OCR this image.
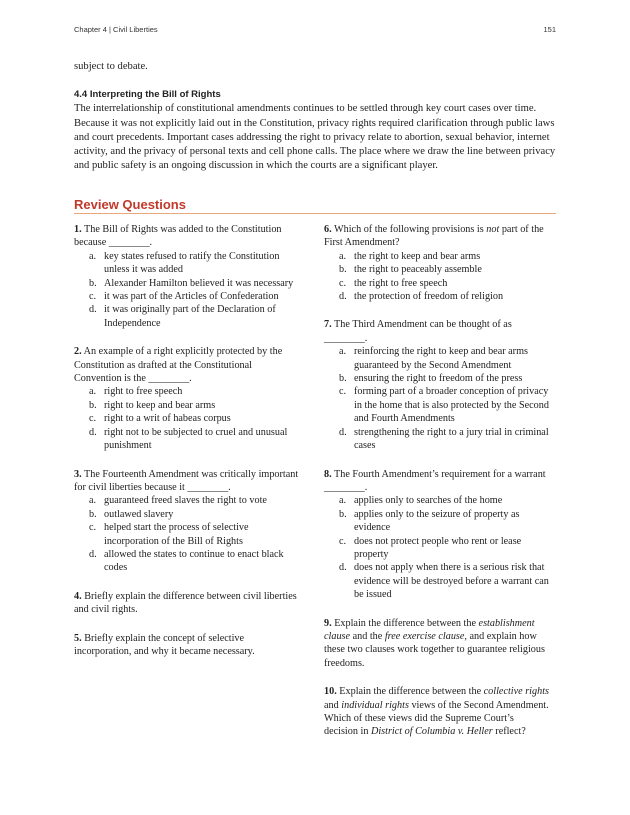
Chapter 4 | Civil Liberties	151

subject to debate.

4.4 Interpreting the Bill of Rights

The interrelationship of constitutional amendments continues to be settled through key court cases over time. Because it was not explicitly laid out in the Constitution, privacy rights required clarification through public laws and court precedents. Important cases addressing the right to privacy relate to abortion, sexual behavior, internet activity, and the privacy of personal texts and cell phone calls. The place where we draw the line between privacy and public safety is an ongoing discussion in which the courts are a significant player.

Review Questions

1. The Bill of Rights was added to the Constitution because ________.

a. key states refused to ratify the Constitution unless it was added
b. Alexander Hamilton believed it was necessary
c. it was part of the Articles of Confederation
d. it was originally part of the Declaration of Independence

2. An example of a right explicitly protected by the Constitution as drafted at the Constitutional Convention is the ________.

a. right to free speech
b. right to keep and bear arms
c. right to a writ of habeas corpus
d. right not to be subjected to cruel and unusual punishment

3. The Fourteenth Amendment was critically important for civil liberties because it ________.

a. guaranteed freed slaves the right to vote
b. outlawed slavery
c. helped start the process of selective incorporation of the Bill of Rights
d. allowed the states to continue to enact black codes

4. Briefly explain the difference between civil liberties and civil rights.

5. Briefly explain the concept of selective incorporation, and why it became necessary.

6. Which of the following provisions is not part of the First Amendment?

a. the right to keep and bear arms
b. the right to peaceably assemble
c. the right to free speech
d. the protection of freedom of religion

7. The Third Amendment can be thought of as ________.

a. reinforcing the right to keep and bear arms guaranteed by the Second Amendment
b. ensuring the right to freedom of the press
c. forming part of a broader conception of privacy in the home that is also protected by the Second and Fourth Amendments
d. strengthening the right to a jury trial in criminal cases

8. The Fourth Amendment’s requirement for a warrant ________.

a. applies only to searches of the home
b. applies only to the seizure of property as evidence
c. does not protect people who rent or lease property
d. does not apply when there is a serious risk that evidence will be destroyed before a warrant can be issued

9. Explain the difference between the establishment clause and the free exercise clause, and explain how these two clauses work together to guarantee religious freedoms.

10. Explain the difference between the collective rights and individual rights views of the Second Amendment. Which of these views did the Supreme Court’s decision in District of Columbia v. Heller reflect?
